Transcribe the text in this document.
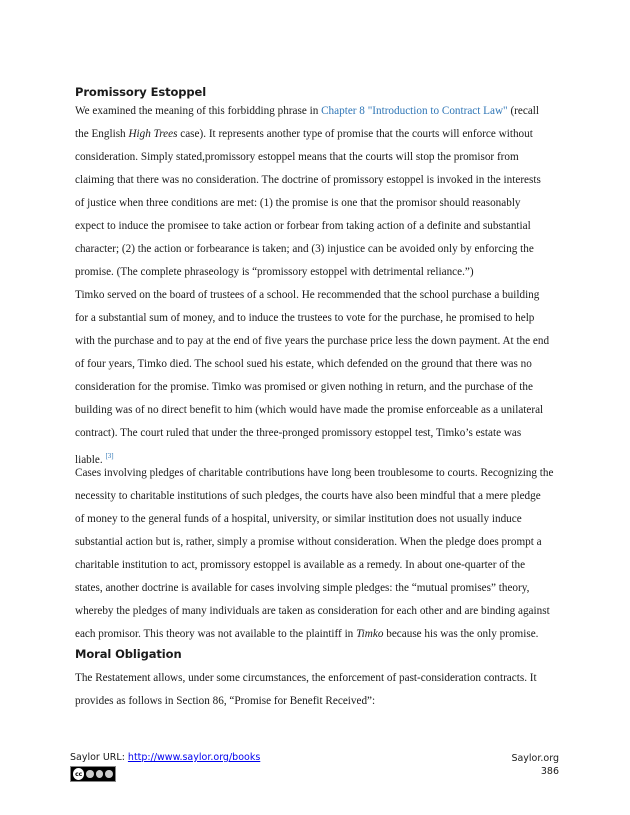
Promissory Estoppel
We examined the meaning of this forbidding phrase in Chapter 8 "Introduction to Contract Law" (recall
the English High Trees case). It represents another type of promise that the courts will enforce without
consideration. Simply stated,promissory estoppel means that the courts will stop the promisor from
claiming that there was no consideration. The doctrine of promissory estoppel is invoked in the interests
of justice when three conditions are met: (1) the promise is one that the promisor should reasonably
expect to induce the promisee to take action or forbear from taking action of a definite and substantial
character; (2) the action or forbearance is taken; and (3) injustice can be avoided only by enforcing the
promise. (The complete phraseology is “promissory estoppel with detrimental reliance.”)
Timko served on the board of trustees of a school. He recommended that the school purchase a building
for a substantial sum of money, and to induce the trustees to vote for the purchase, he promised to help
with the purchase and to pay at the end of five years the purchase price less the down payment. At the end
of four years, Timko died. The school sued his estate, which defended on the ground that there was no
consideration for the promise. Timko was promised or given nothing in return, and the purchase of the
building was of no direct benefit to him (which would have made the promise enforceable as a unilateral
contract). The court ruled that under the three-pronged promissory estoppel test, Timko’s estate was
liable. [3]
Cases involving pledges of charitable contributions have long been troublesome to courts. Recognizing the
necessity to charitable institutions of such pledges, the courts have also been mindful that a mere pledge
of money to the general funds of a hospital, university, or similar institution does not usually induce
substantial action but is, rather, simply a promise without consideration. When the pledge does prompt a
charitable institution to act, promissory estoppel is available as a remedy. In about one-quarter of the
states, another doctrine is available for cases involving simple pledges: the “mutual promises” theory,
whereby the pledges of many individuals are taken as consideration for each other and are binding against
each promisor. This theory was not available to the plaintiff in Timko because his was the only promise.
Moral Obligation
The Restatement allows, under some circumstances, the enforcement of past-consideration contracts. It
provides as follows in Section 86, “Promise for Benefit Received”:
Saylor URL: http://www.saylor.org/books
cc
Saylor.org
386
